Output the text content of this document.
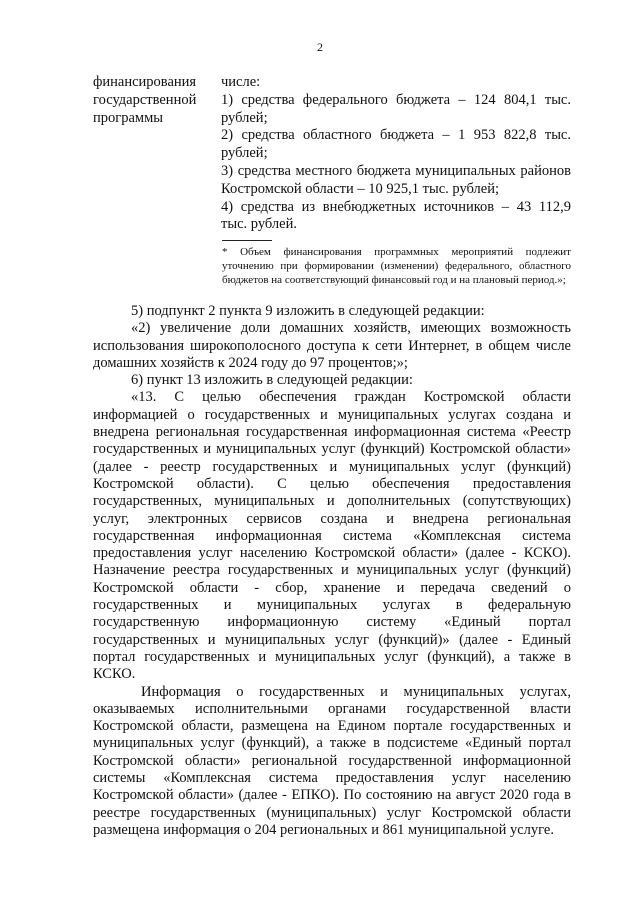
2

финансирования

государственной

программы

числе:

1) средства федерального бюджета – 124 804,1 тыс. рублей;

2) средства областного бюджета – 1 953 822,8 тыс. рублей;

3) средства местного бюджета муниципальных районов Костромской области – 10 925,1 тыс. рублей;

4) средства из внебюджетных источников – 43 112,9 тыс. рублей.

* Объем финансирования программных мероприятий подлежит уточнению при формировании (изменении) федерального, областного бюджетов на соответствующий финансовый год и на плановый период.»;

5) подпункт 2 пункта 9 изложить в следующей редакции:

«2) увеличение доли домашних хозяйств, имеющих возможность использования широкополосного доступа к сети Интернет, в общем числе домашних хозяйств к 2024 году до 97 процентов;»;

6) пункт 13 изложить в следующей редакции:

«13. С целью обеспечения граждан Костромской области информацией о государственных и муниципальных услугах создана и внедрена региональная государственная информационная система «Реестр государственных и муниципальных услуг (функций) Костромской области» (далее - реестр государственных и муниципальных услуг (функций) Костромской области). С целью обеспечения предоставления государственных, муниципальных и дополнительных (сопутствующих) услуг, электронных сервисов создана и внедрена региональная государственная информационная система «Комплексная система предоставления услуг населению Костромской области» (далее - КСКО). Назначение реестра государственных и муниципальных услуг (функций) Костромской области - сбор, хранение и передача сведений о государственных и муниципальных услугах в федеральную государственную информационную систему «Единый портал государственных и муниципальных услуг (функций)» (далее - Единый портал государственных и муниципальных услуг (функций), а также в КСКО.

Информация о государственных и муниципальных услугах, оказываемых исполнительными органами государственной власти Костромской области, размещена на Едином портале государственных и муниципальных услуг (функций), а также в подсистеме «Единый портал Костромской области» региональной государственной информационной системы «Комплексная система предоставления услуг населению Костромской области» (далее - ЕПКО). По состоянию на август 2020 года в реестре государственных (муниципальных) услуг Костромской области размещена информация о 204 региональных и 861 муниципальной услуге.
